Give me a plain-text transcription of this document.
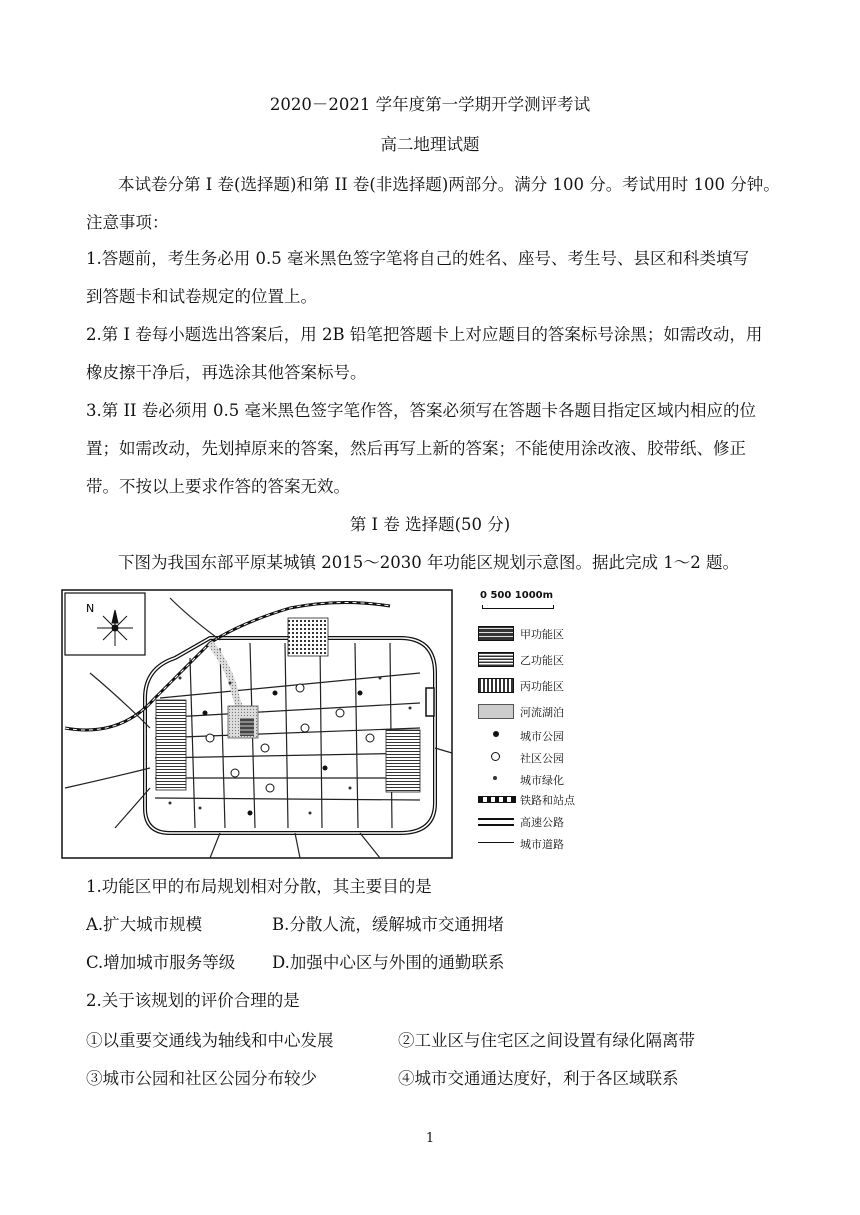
2020－2021 学年度第一学期开学测评考试
高二地理试题
本试卷分第 I 卷(选择题)和第 II 卷(非选择题)两部分。满分 100 分。考试用时 100 分钟。
注意事项：
1.答题前，考生务必用 0.5 毫米黑色签字笔将自己的姓名、座号、考生号、县区和科类填写
到答题卡和试卷规定的位置上。
2.第 I 卷每小题选出答案后，用 2B 铅笔把答题卡上对应题目的答案标号涂黑；如需改动，用
橡皮擦干净后，再选涂其他答案标号。
3.第 II 卷必须用 0.5 毫米黑色签字笔作答，答案必须写在答题卡各题目指定区域内相应的位
置；如需改动，先划掉原来的答案，然后再写上新的答案；不能使用涂改液、胶带纸、修正
带。不按以上要求作答的答案无效。
第 I 卷 选择题(50 分)
下图为我国东部平原某城镇 2015～2030 年功能区规划示意图。据此完成 1～2 题。
N
0 500 1000m
甲功能区
乙功能区
丙功能区
河流湖泊
城市公园
社区公园
城市绿化
铁路和站点
高速公路
城市道路
1.功能区甲的布局规划相对分散，其主要目的是
A.扩大城市规模	B.分散人流，缓解城市交通拥堵
C.增加城市服务等级 D.加强中心区与外围的通勤联系
2.关于该规划的评价合理的是
①以重要交通线为轴线和中心发展	②工业区与住宅区之间设置有绿化隔离带
③城市公园和社区公园分布较少	④城市交通通达度好，利于各区域联系
1
